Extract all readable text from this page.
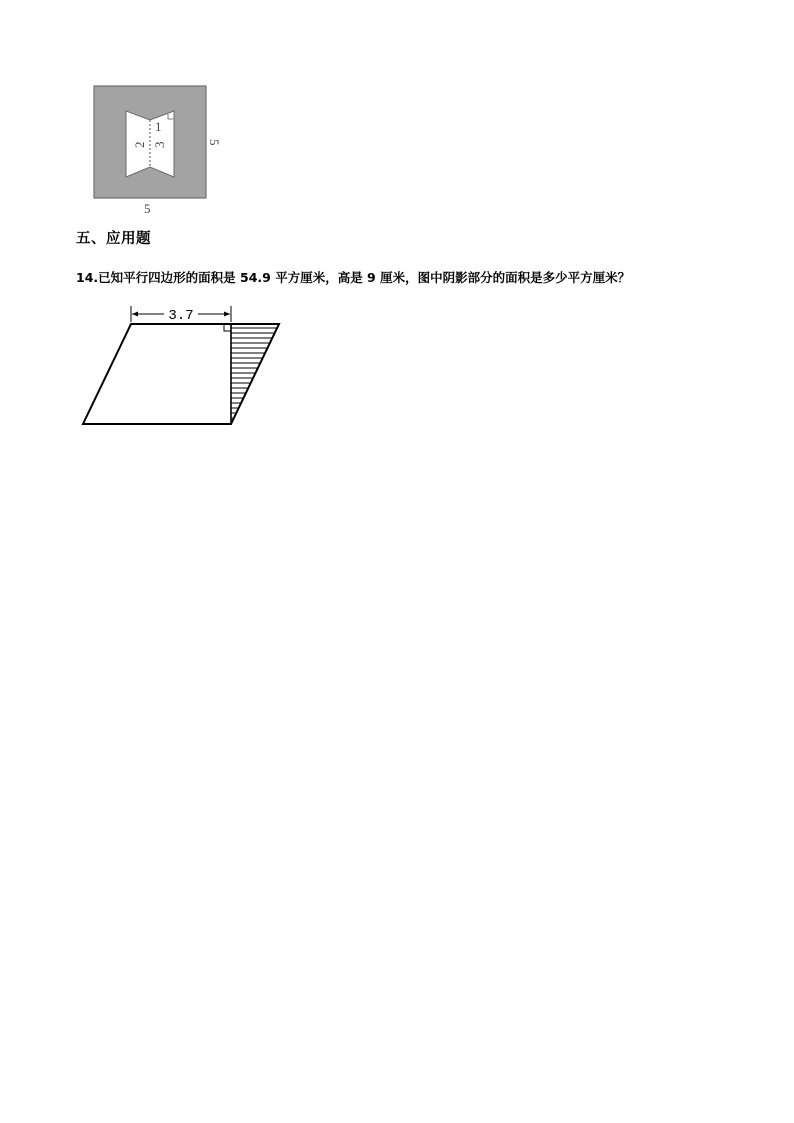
2 3
1
5
5
五、应用题
14.已知平行四边形的面积是 54.9 平方厘米，高是 9 厘米，图中阴影部分的面积是多少平方厘米？
3.7
